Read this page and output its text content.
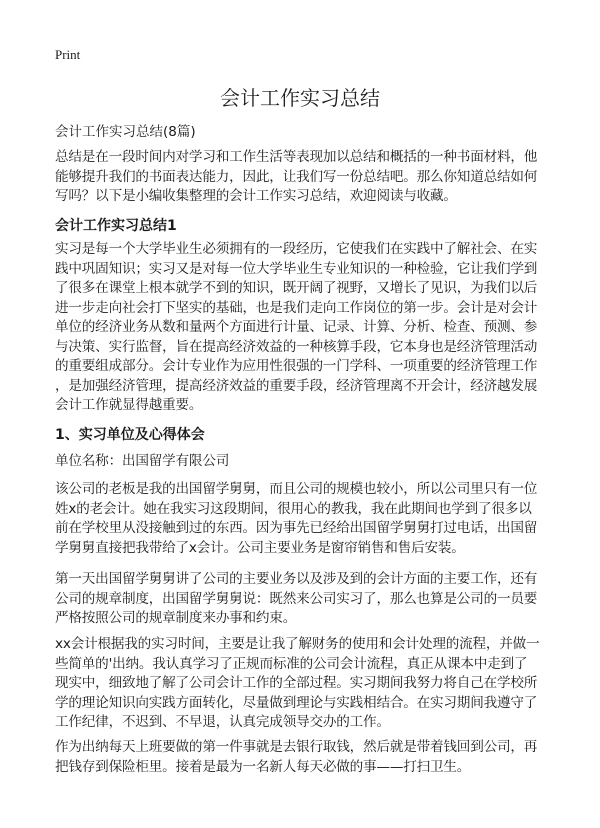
Print
会计工作实习总结
会计工作实习总结(8篇)
总结是在一段时间内对学习和工作生活等表现加以总结和概括的一种书面材料，他
能够提升我们的书面表达能力，因此，让我们写一份总结吧。那么你知道总结如何
写吗？以下是小编收集整理的会计工作实习总结，欢迎阅读与收藏。
会计工作实习总结1
实习是每一个大学毕业生必须拥有的一段经历，它使我们在实践中了解社会、在实
践中巩固知识；实习又是对每一位大学毕业生专业知识的一种检验，它让我们学到
了很多在课堂上根本就学不到的知识，既开阔了视野，又增长了见识，为我们以后
进一步走向社会打下坚实的基础，也是我们走向工作岗位的第一步。会计是对会计
单位的经济业务从数和量两个方面进行计量、记录、计算、分析、检查、预测、参
与决策、实行监督，旨在提高经济效益的一种核算手段，它本身也是经济管理活动
的重要组成部分。会计专业作为应用性很强的一门学科、一项重要的经济管理工作
，是加强经济管理，提高经济效益的重要手段，经济管理离不开会计，经济越发展
会计工作就显得越重要。
1、实习单位及心得体会
单位名称：出国留学有限公司
该公司的老板是我的出国留学舅舅，而且公司的规模也较小，所以公司里只有一位
姓x的老会计。她在我实习这段期间，很用心的教我，我在此期间也学到了很多以
前在学校里从没接触到过的东西。因为事先已经给出国留学舅舅打过电话，出国留
学舅舅直接把我带给了x会计。公司主要业务是窗帘销售和售后安装。
第一天出国留学舅舅讲了公司的主要业务以及涉及到的会计方面的主要工作，还有
公司的规章制度，出国留学舅舅说：既然来公司实习了，那么也算是公司的一员要
严格按照公司的规章制度来办事和约束。
xx会计根据我的实习时间，主要是让我了解财务的使用和会计处理的流程，并做一
些简单的'出纳。我认真学习了正规而标准的公司会计流程，真正从课本中走到了
现实中，细致地了解了公司会计工作的全部过程。实习期间我努力将自己在学校所
学的理论知识向实践方面转化，尽量做到理论与实践相结合。在实习期间我遵守了
工作纪律，不迟到、不早退，认真完成领导交办的工作。
作为出纳每天上班要做的第一件事就是去银行取钱，然后就是带着钱回到公司，再
把钱存到保险柜里。接着是最为一名新人每天必做的事——打扫卫生。
